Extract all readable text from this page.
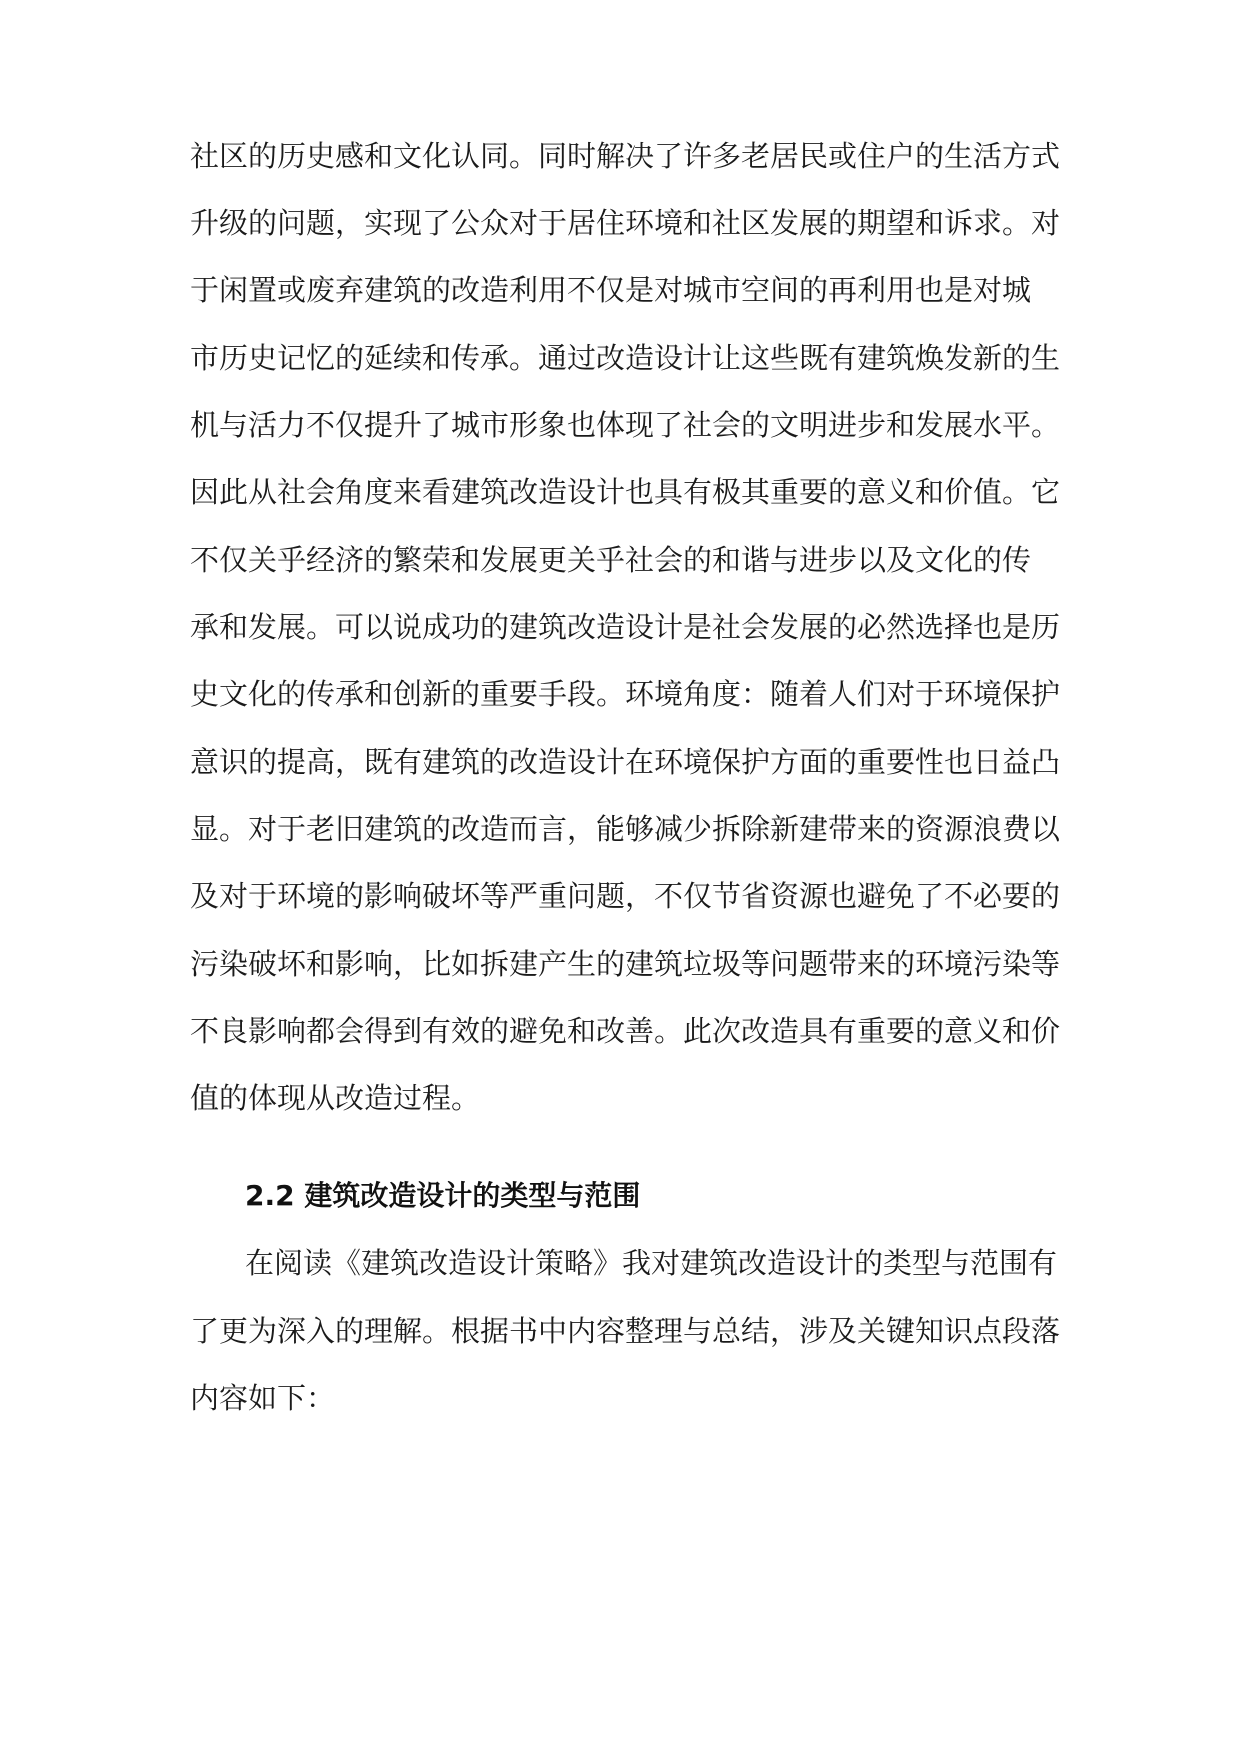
社区的历史感和文化认同。同时解决了许多老居民或住户的生活方式

升级的问题，实现了公众对于居住环境和社区发展的期望和诉求。对

于闲置或废弃建筑的改造利用不仅是对城市空间的再利用也是对城

市历史记忆的延续和传承。通过改造设计让这些既有建筑焕发新的生

机与活力不仅提升了城市形象也体现了社会的文明进步和发展水平。

因此从社会角度来看建筑改造设计也具有极其重要的意义和价值。它

不仅关乎经济的繁荣和发展更关乎社会的和谐与进步以及文化的传

承和发展。可以说成功的建筑改造设计是社会发展的必然选择也是历

史文化的传承和创新的重要手段。环境角度：随着人们对于环境保护

意识的提高，既有建筑的改造设计在环境保护方面的重要性也日益凸

显。对于老旧建筑的改造而言，能够减少拆除新建带来的资源浪费以

及对于环境的影响破坏等严重问题，不仅节省资源也避免了不必要的

污染破坏和影响，比如拆建产生的建筑垃圾等问题带来的环境污染等

不良影响都会得到有效的避免和改善。此次改造具有重要的意义和价

值的体现从改造过程。

2.2 建筑改造设计的类型与范围

在阅读《建筑改造设计策略》我对建筑改造设计的类型与范围有

了更为深入的理解。根据书中内容整理与总结，涉及关键知识点段落

内容如下：
